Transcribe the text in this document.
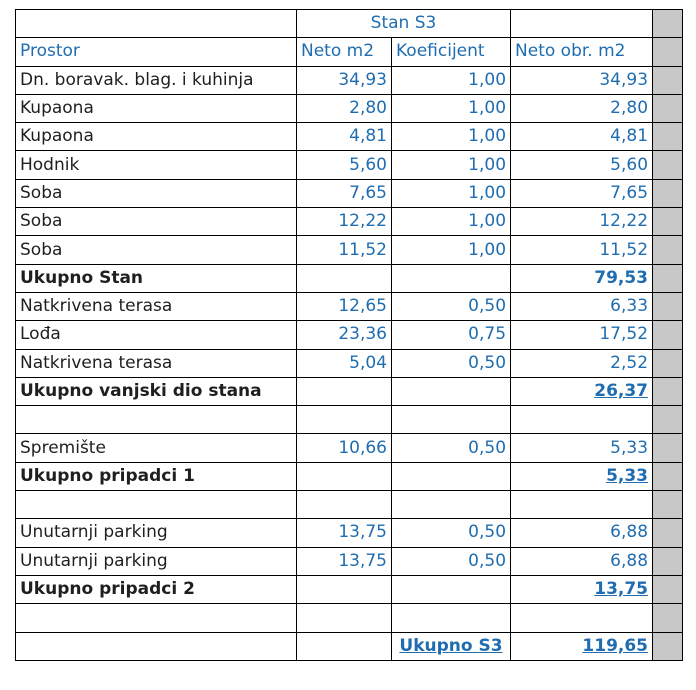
	Stan S3			
Prostor	Neto m2	Koeficijent	Neto obr. m2	
Dn. boravak. blag. i kuhinja	34,93	1,00	34,93	
Kupaona	2,80	1,00	2,80	
Kupaona	4,81	1,00	4,81	
Hodnik	5,60	1,00	5,60	
Soba	7,65	1,00	7,65	
Soba	12,22	1,00	12,22	
Soba	11,52	1,00	11,52	
Ukupno Stan			79,53	
Natkrivena terasa	12,65	0,50	6,33	
Lođa	23,36	0,75	17,52	
Natkrivena terasa	5,04	0,50	2,52	
Ukupno vanjski dio stana			26,37	

Spremište	10,66	0,50	5,33	
Ukupno pripadci 1			5,33	

Unutarnji parking	13,75	0,50	6,88	
Unutarnji parking	13,75	0,50	6,88	
Ukupno pripadci 2			13,75	

		Ukupno S3	119,65	
